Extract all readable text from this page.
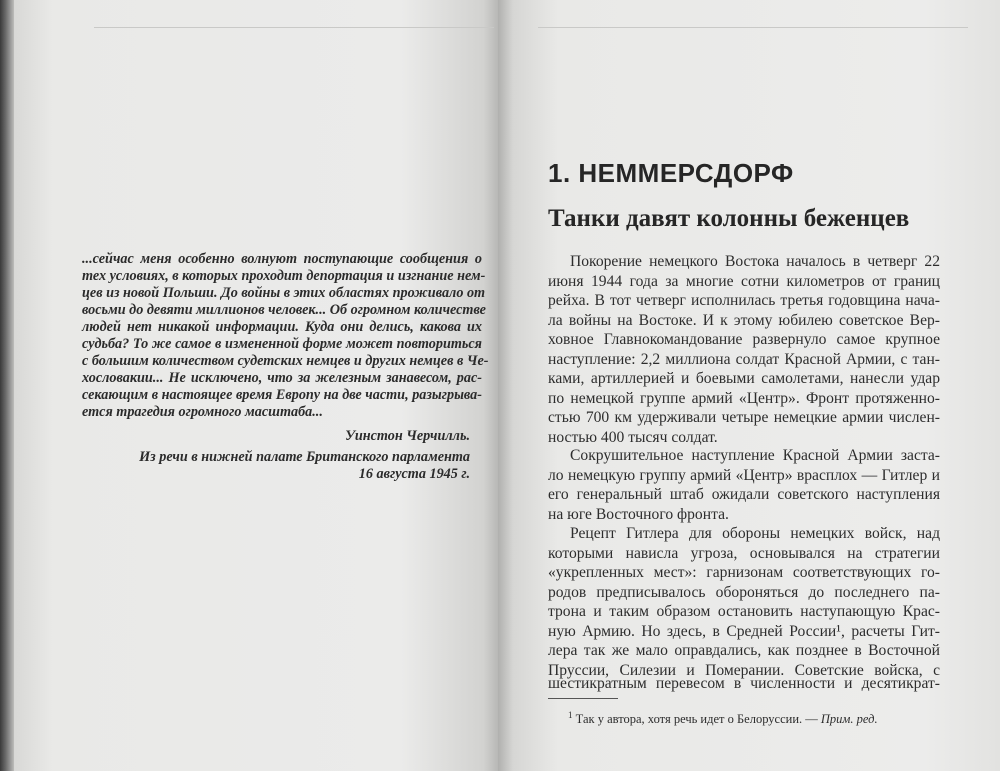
...сейчас меня особенно волнуют поступающие сообщения о
тех условиях, в которых проходит депортация и изгнание нем-
цев из новой Польши. До войны в этих областях проживало от
восьми до девяти миллионов человек... Об огромном количестве
людей нет никакой информации. Куда они делись, какова их
судьба? То же самое в измененной форме может повториться
с большим количеством судетских немцев и других немцев в Че-
хословакии... Не исключено, что за железным занавесом, рас-
секающим в настоящее время Европу на две части, разыгрыва-
ется трагедия огромного масштаба...
Уинстон Черчилль.
Из речи в нижней палате Британского парламента
16 августа 1945 г.
1. НЕММЕРСДОРФ
Танки давят колонны беженцев
Покорение немецкого Востока началось в четверг 22
июня 1944 года за многие сотни километров от границ
рейха. В тот четверг исполнилась третья годовщина нача-
ла войны на Востоке. И к этому юбилею советское Вер-
ховное Главнокомандование развернуло самое крупное
наступление: 2,2 миллиона солдат Красной Армии, с тан-
ками, артиллерией и боевыми самолетами, нанесли удар
по немецкой группе армий «Центр». Фронт протяженно-
стью 700 км удерживали четыре немецкие армии числен-
ностью 400 тысяч солдат.
Сокрушительное наступление Красной Армии заста-
ло немецкую группу армий «Центр» врасплох — Гитлер и
его генеральный штаб ожидали советского наступления
на юге Восточного фронта.
Рецепт Гитлера для обороны немецких войск, над
которыми нависла угроза, основывался на стратегии
«укрепленных мест»: гарнизонам соответствующих го-
родов предписывалось обороняться до последнего па-
трона и таким образом остановить наступающую Крас-
ную Армию. Но здесь, в Средней России¹, расчеты Гит-
лера так же мало оправдались, как позднее в Восточной
Пруссии, Силезии и Померании. Советские войска, с
шестикратным перевесом в численности и десятикрат-
$^1$ Так у автора, хотя речь идет о Белоруссии. — Прим. ред.
